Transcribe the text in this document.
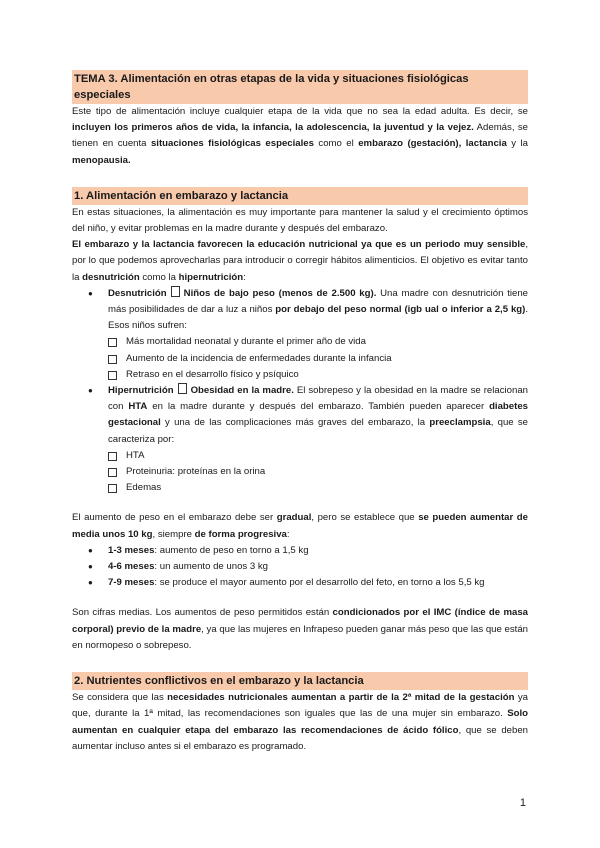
TEMA 3. Alimentación en otras etapas de la vida y situaciones fisiológicas especiales

Este tipo de alimentación incluye cualquier etapa de la vida que no sea la edad adulta. Es decir, se incluyen los primeros años de vida, la infancia, la adolescencia, la juventud y la vejez. Además, se tienen en cuenta situaciones fisiológicas especiales como el embarazo (gestación), lactancia y la menopausia.

1. Alimentación en embarazo y lactancia

En estas situaciones, la alimentación es muy importante para mantener la salud y el crecimiento óptimos del niño, y evitar problemas en la madre durante y después del embarazo.

El embarazo y la lactancia favorecen la educación nutricional ya que es un periodo muy sensible, por lo que podemos aprovecharlas para introducir o corregir hábitos alimenticios. El objetivo es evitar tanto la desnutrición como la hipernutrición:

● Desnutrición Niños de bajo peso (menos de 2.500 kg). Una madre con desnutrición tiene más posibilidades de dar a luz a niños por debajo del peso normal (igb ual o inferior a 2,5 kg). Esos niños sufren:
Más mortalidad neonatal y durante el primer año de vida
Aumento de la incidencia de enfermedades durante la infancia
Retraso en el desarrollo físico y psíquico
● Hipernutrición Obesidad en la madre. El sobrepeso y la obesidad en la madre se relacionan con HTA en la madre durante y después del embarazo. También pueden aparecer diabetes gestacional y una de las complicaciones más graves del embarazo, la preeclampsia, que se caracteriza por:
HTA
Proteinuria: proteínas en la orina
Edemas

El aumento de peso en el embarazo debe ser gradual, pero se establece que se pueden aumentar de media unos 10 kg, siempre de forma progresiva:

● 1-3 meses: aumento de peso en torno a 1,5 kg
● 4-6 meses: un aumento de unos 3 kg
● 7-9 meses: se produce el mayor aumento por el desarrollo del feto, en torno a los 5,5 kg

Son cifras medias. Los aumentos de peso permitidos están condicionados por el IMC (índice de masa corporal) previo de la madre, ya que las mujeres en Infrapeso pueden ganar más peso que las que están en normopeso o sobrepeso.

2. Nutrientes conflictivos en el embarazo y la lactancia

Se considera que las necesidades nutricionales aumentan a partir de la 2ª mitad de la gestación ya que, durante la 1ª mitad, las recomendaciones son iguales que las de una mujer sin embarazo. Solo aumentan en cualquier etapa del embarazo las recomendaciones de ácido fólico, que se deben aumentar incluso antes si el embarazo es programado.

1
